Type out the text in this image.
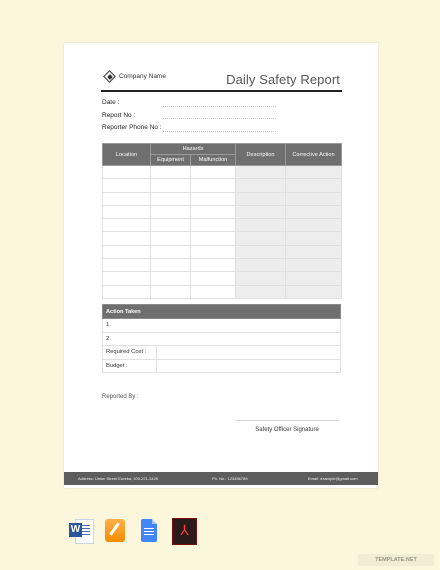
Company Name	Daily Safety Report
Date :
Report No :
Reporter Phone No :
Location	Hazards		Description	Corrective Action
	Equipment	Malfunction		

Action Taken	
1.	
2.	
Required Cost :	
Budget :	
Reported By :
Safety Officer Signature
Address: Union Street Eureka, 100-221-3426	Ph. No.: 123456789	Email: example@gmail.com
W	⅄
TEMPLATE.NET
